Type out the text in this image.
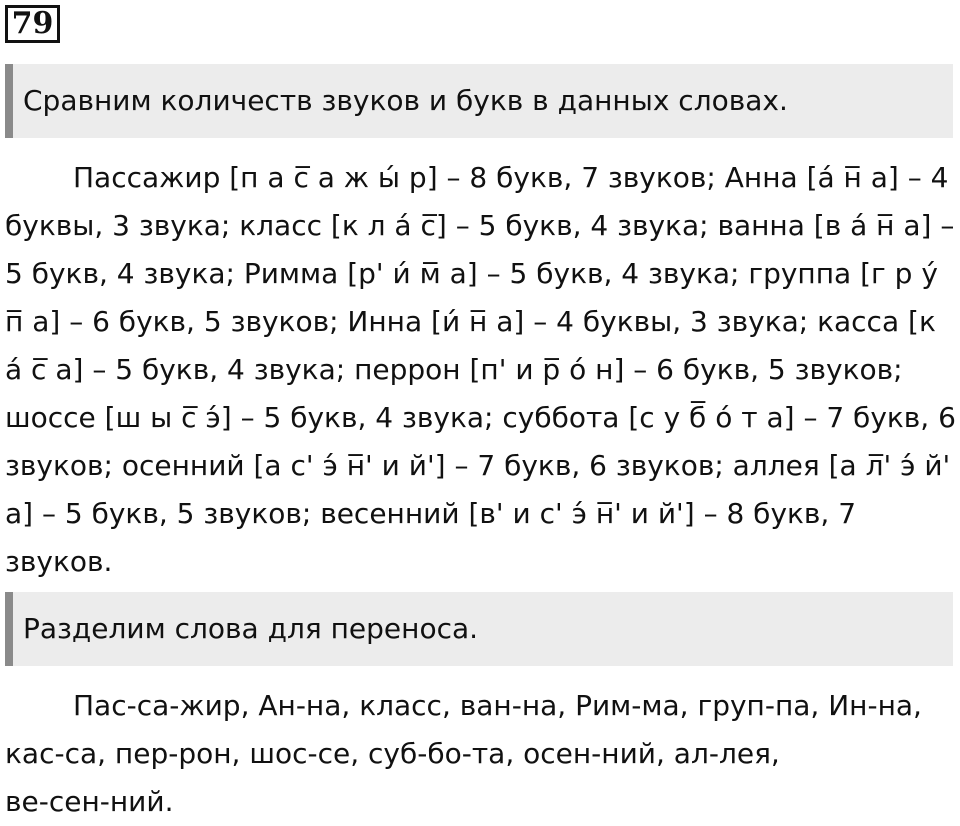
79
Сравним количеств звуков и букв в данных словах.
Пассажир [п а с̅ а ж ы́ р] – 8 букв, 7 звуков; Анна [а́ н̅ а] – 4
буквы, 3 звука; класс [к л а́ с̅] – 5 букв, 4 звука; ванна [в а́ н̅ а] –
5 букв, 4 звука; Римма [р' и́ м̅ а] – 5 букв, 4 звука; группа [г р у́
п̅ а] – 6 букв, 5 звуков; Инна [и́ н̅ а] – 4 буквы, 3 звука; касса [к
а́ с̅ а] – 5 букв, 4 звука; перрон [п' и р̅ о́ н] – 6 букв, 5 звуков;
шоссе [ш ы с̅ э́] – 5 букв, 4 звука; суббота [с у б̅ о́ т а] – 7 букв, 6
звуков; осенний [а с' э́ н̅' и й'] – 7 букв, 6 звуков; аллея [а л̅' э́ й'
а] – 5 букв, 5 звуков; весенний [в' и с' э́ н̅' и й'] – 8 букв, 7
звуков.
Разделим слова для переноса.
Пас-са-жир, Ан-на, класс, ван-на, Рим-ма, груп-па, Ин-на,
кас-са, пер-рон, шос-се, суб-бо-та, осен-ний, ал-лея,
ве-сен-ний.
